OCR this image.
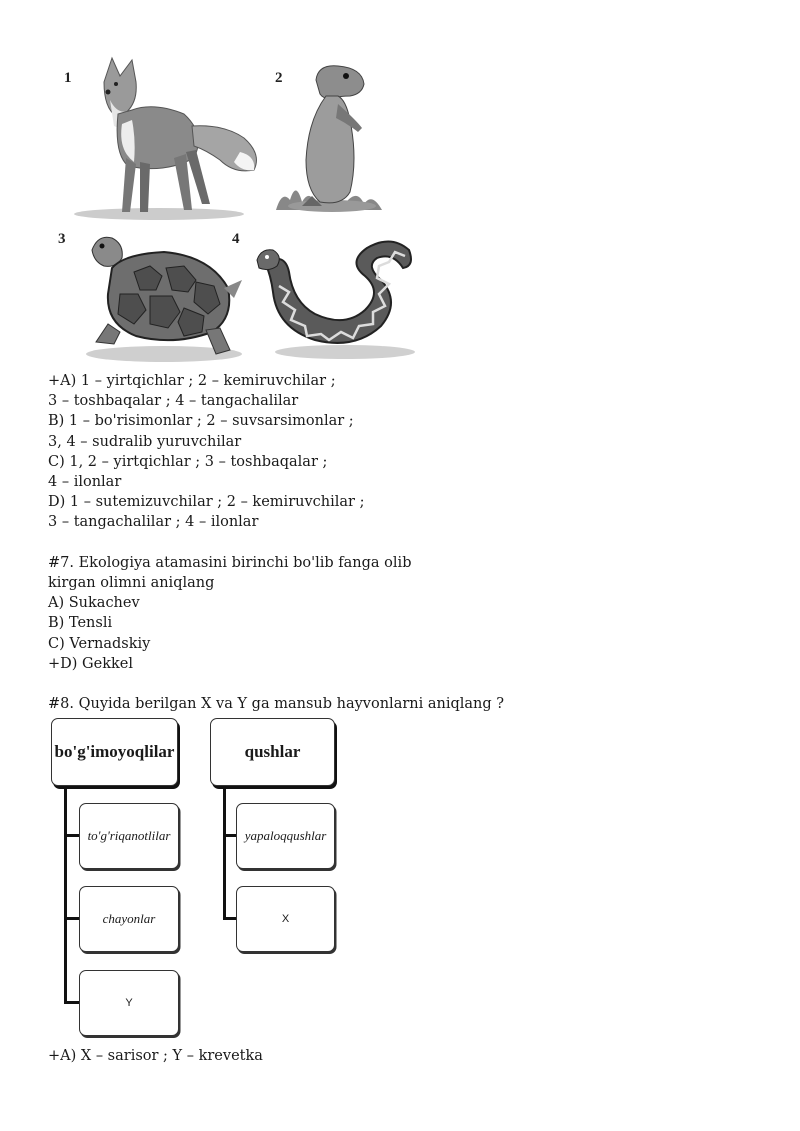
1	2
3	4
+A) 1 – yirtqichlar ; 2 – kemiruvchilar ;
3 – toshbaqalar ; 4 – tangachalilar
B) 1 – bo'risimonlar ; 2 – suvsarsimonlar ;
3, 4 – sudralib yuruvchilar
C) 1, 2 – yirtqichlar ; 3 – toshbaqalar ;
4 – ilonlar
D) 1 – sutemizuvchilar ; 2 – kemiruvchilar ;
3 – tangachalilar ; 4 – ilonlar
#7. Ekologiya atamasini birinchi bo'lib fanga olib
kirgan olimni aniqlang
A) Sukachev
B) Tensli
C) Vernadskiy
+D) Gekkel
#8. Quyida berilgan X va Y ga mansub hayvonlarni aniqlang ?
bo'g'imoyoqlilar	qushlar
to'g'riqanotlilar
chayonlar
Y
yapaloqqushlar
X
+A) X – sarisor ; Y – krevetka
